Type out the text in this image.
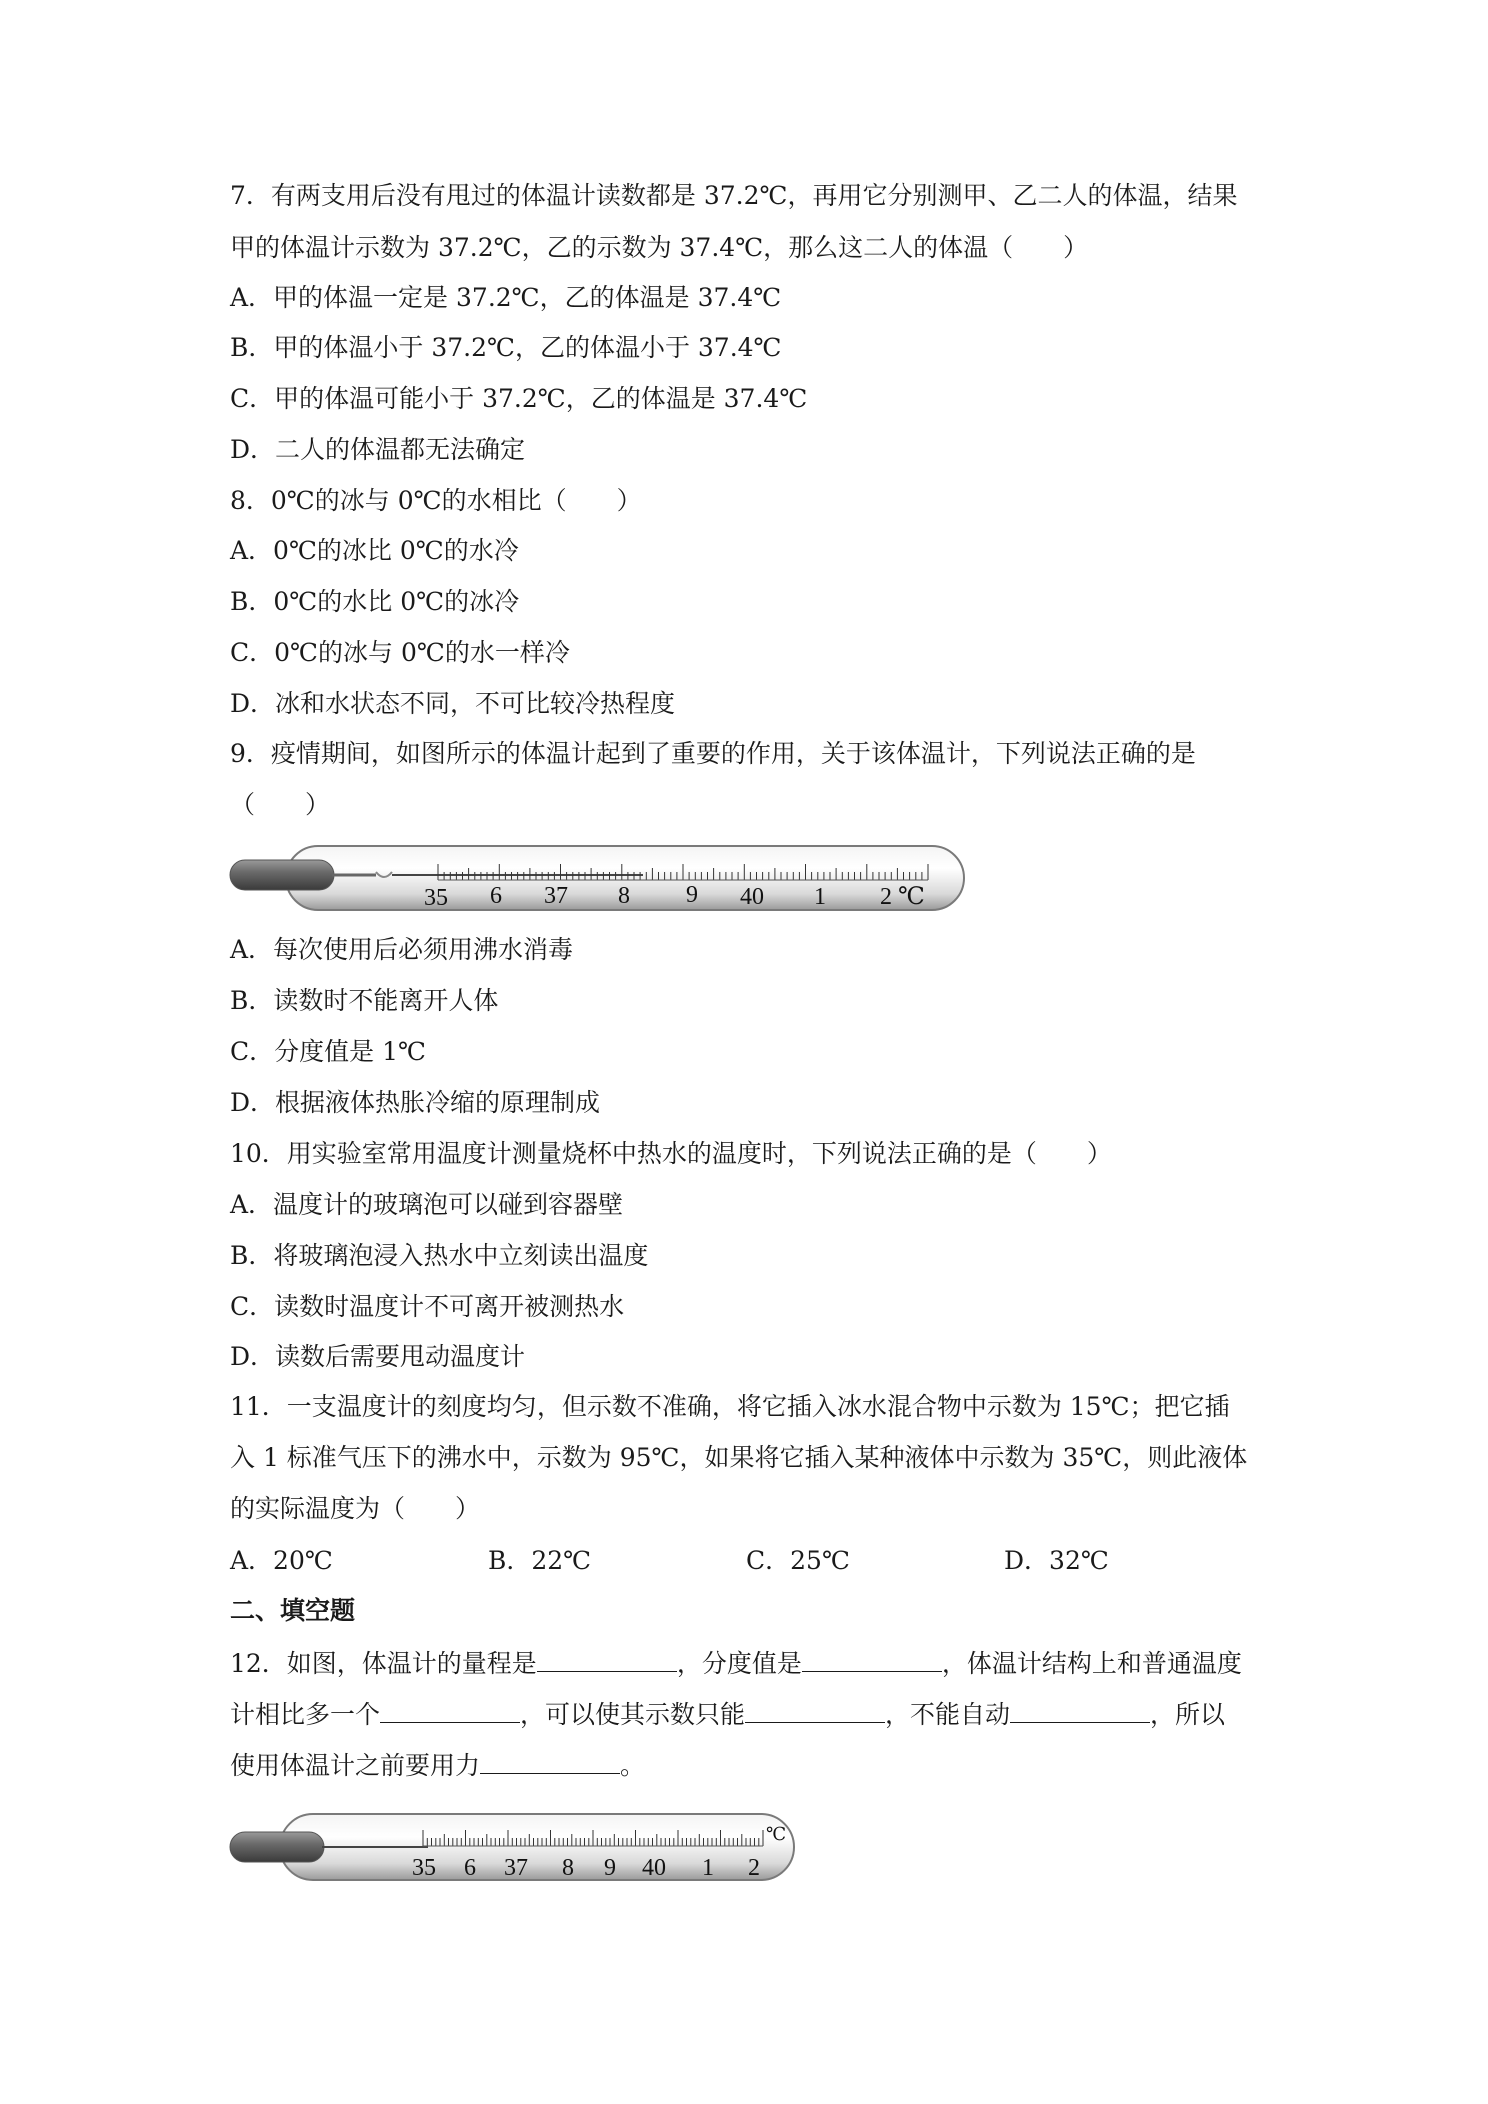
7．有两支用后没有甩过的体温计读数都是 37.2℃，再用它分别测甲、乙二人的体温，结果

甲的体温计示数为 37.2℃，乙的示数为 37.4℃，那么这二人的体温（　　）

A．甲的体温一定是 37.2℃，乙的体温是 37.4℃

B．甲的体温小于 37.2℃，乙的体温小于 37.4℃

C．甲的体温可能小于 37.2℃，乙的体温是 37.4℃

D．二人的体温都无法确定

8．0℃的冰与 0℃的水相比（　　）

A．0℃的冰比 0℃的水冷

B．0℃的水比 0℃的冰冷

C．0℃的冰与 0℃的水一样冷

D．冰和水状态不同，不可比较冷热程度

9．疫情期间，如图所示的体温计起到了重要的作用，关于该体温计，下列说法正确的是

（　　）

35 6 37 8 9 40 1 2 ℃

A．每次使用后必须用沸水消毒

B．读数时不能离开人体

C．分度值是 1℃

D．根据液体热胀冷缩的原理制成

10．用实验室常用温度计测量烧杯中热水的温度时，下列说法正确的是（　　）

A．温度计的玻璃泡可以碰到容器壁

B．将玻璃泡浸入热水中立刻读出温度

C．读数时温度计不可离开被测热水

D．读数后需要甩动温度计

11．一支温度计的刻度均匀，但示数不准确，将它插入冰水混合物中示数为 15℃；把它插

入 1 标准气压下的沸水中，示数为 95℃，如果将它插入某种液体中示数为 35℃，则此液体

的实际温度为（　　）

A．20℃	B．22℃	C．25℃	D．32℃

二、填空题

12．如图，体温计的量程是	，分度值是	，体温计结构上和普通温度

计相比多一个	，可以使其示数只能	，不能自动	，所以

使用体温计之前要用力	。

35 6 37 8 9 40 1 2
℃
